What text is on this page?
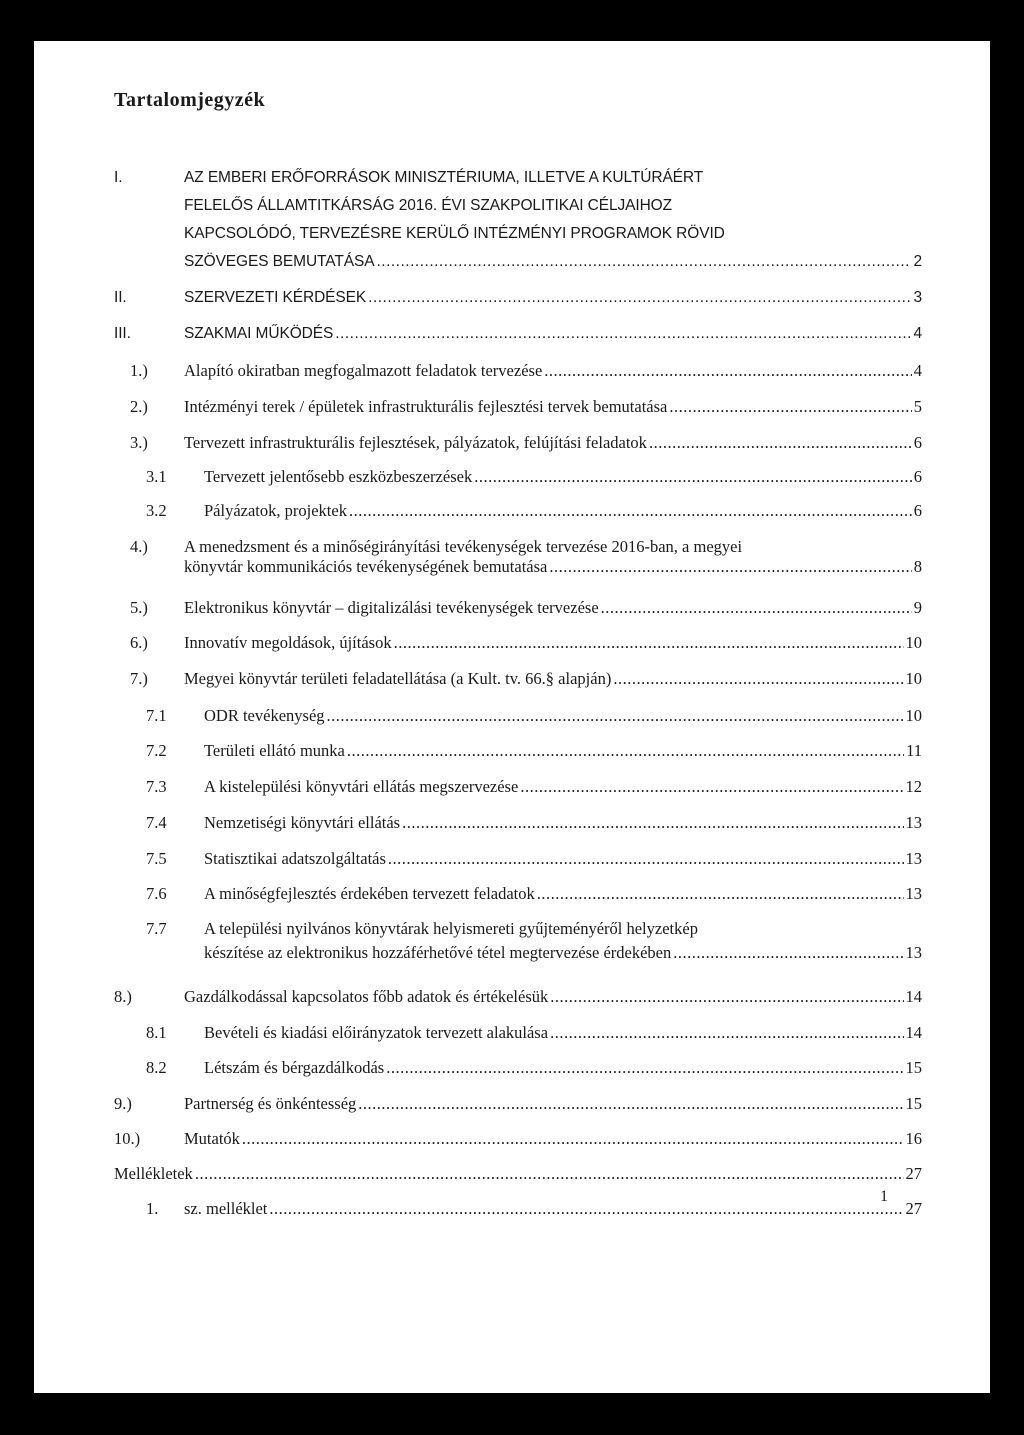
Tartalomjegyzék
I.	AZ EMBERI ERŐFORRÁSOK MINISZTÉRIUMA, ILLETVE A KULTÚRÁÉRT
FELELŐS ÁLLAMTITKÁRSÁG 2016. ÉVI SZAKPOLITIKAI CÉLJAIHOZ
KAPCSOLÓDÓ, TERVEZÉSRE KERÜLŐ INTÉZMÉNYI PROGRAMOK RÖVID
SZÖVEGES BEMUTATÁSA .....	2
II.	SZERVEZETI KÉRDÉSEK .....	3
III.	SZAKMAI MŰKÖDÉS .....	4
1.) Alapító okiratban megfogalmazott feladatok tervezése .....	4
2.) Intézményi terek / épületek infrastrukturális fejlesztési tervek bemutatása .....	5
3.) Tervezett infrastrukturális fejlesztések, pályázatok, felújítási feladatok .....	6
3.1 Tervezett jelentősebb eszközbeszerzések .....	6
3.2 Pályázatok, projektek .....	6
4.) A menedzsment és a minőségirányítási tevékenységek tervezése 2016-ban, a megyei
könyvtár kommunikációs tevékenységének bemutatása .....	8
5.) Elektronikus könyvtár – digitalizálási tevékenységek tervezése .....	9
6.) Innovatív megoldások, újítások .....	10
7.) Megyei könyvtár területi feladatellátása (a Kult. tv. 66.§ alapján) .....	10
7.1 ODR tevékenység .....	10
7.2 Területi ellátó munka .....	11
7.3 A kistelepülési könyvtári ellátás megszervezése .....	12
7.4 Nemzetiségi könyvtári ellátás .....	13
7.5 Statisztikai adatszolgáltatás .....	13
7.6 A minőségfejlesztés érdekében tervezett feladatok .....	13
7.7 A települési nyilvános könyvtárak helyismereti gyűjteményéről helyzetkép
készítése az elektronikus hozzáférhetővé tétel megtervezése érdekében .....	13
8.)	Gazdálkodással kapcsolatos főbb adatok és értékelésük .....	14
8.1 Bevételi és kiadási előirányzatok tervezett alakulása .....	14
8.2 Létszám és bérgazdálkodás .....	15
9.)	Partnerség és önkéntesség .....	15
10.)	Mutatók .....	16
Mellékletek .....	27
1. sz. melléklet .....	27
1
